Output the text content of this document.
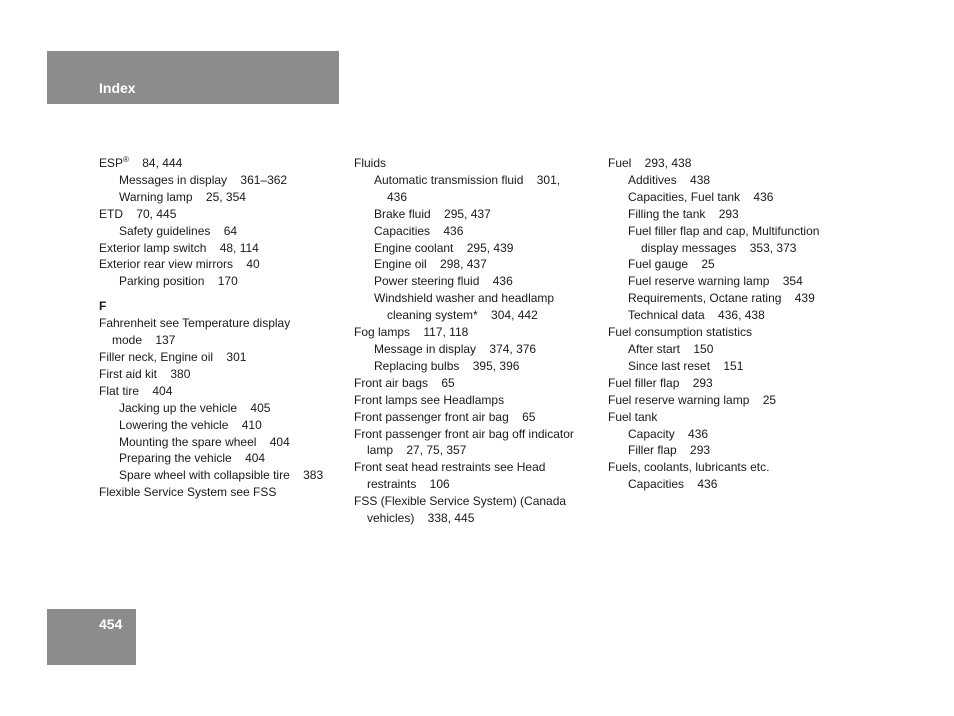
Index
ESP®    84, 444
Messages in display    361–362
Warning lamp    25, 354
ETD    70, 445
Safety guidelines    64
Exterior lamp switch    48, 114
Exterior rear view mirrors    40
Parking position    170
F
Fahrenheit see Temperature display
mode    137
Filler neck, Engine oil    301
First aid kit    380
Flat tire    404
Jacking up the vehicle    405
Lowering the vehicle    410
Mounting the spare wheel    404
Preparing the vehicle    404
Spare wheel with collapsible tire    383
Flexible Service System see FSS
Fluids
Automatic transmission fluid    301,
436
Brake fluid    295, 437
Capacities    436
Engine coolant    295, 439
Engine oil    298, 437
Power steering fluid    436
Windshield washer and headlamp
cleaning system*    304, 442
Fog lamps    117, 118
Message in display    374, 376
Replacing bulbs    395, 396
Front air bags    65
Front lamps see Headlamps
Front passenger front air bag    65
Front passenger front air bag off indicator
lamp    27, 75, 357
Front seat head restraints see Head
restraints    106
FSS (Flexible Service System) (Canada
vehicles)    338, 445
Fuel    293, 438
Additives    438
Capacities, Fuel tank    436
Filling the tank    293
Fuel filler flap and cap, Multifunction
display messages    353, 373
Fuel gauge    25
Fuel reserve warning lamp    354
Requirements, Octane rating    439
Technical data    436, 438
Fuel consumption statistics
After start    150
Since last reset    151
Fuel filler flap    293
Fuel reserve warning lamp    25
Fuel tank
Capacity    436
Filler flap    293
Fuels, coolants, lubricants etc.
Capacities    436
454
